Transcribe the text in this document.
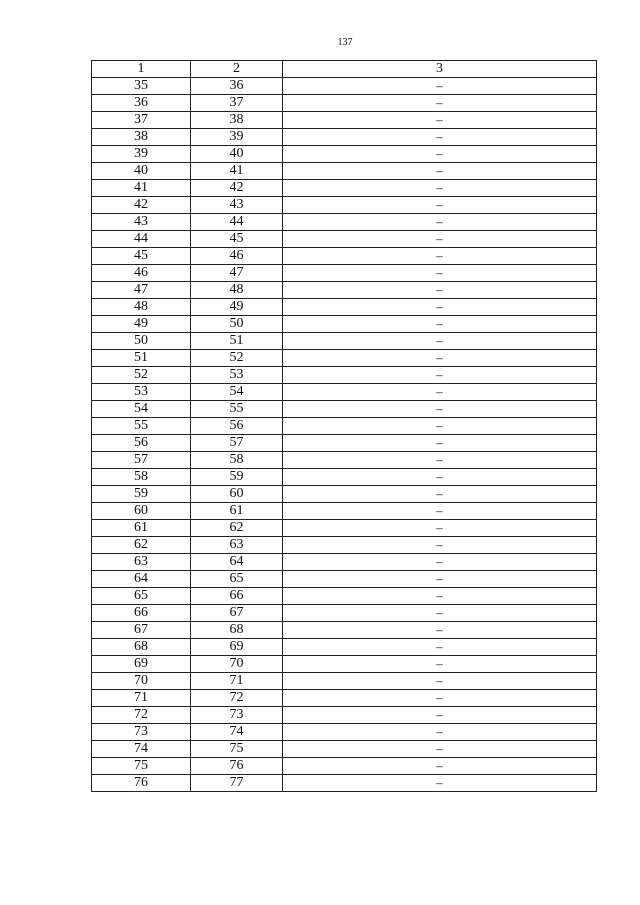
137
1	2	3
35	36	–
36	37	–
37	38	–
38	39	–
39	40	–
40	41	–
41	42	–
42	43	–
43	44	–
44	45	–
45	46	–
46	47	–
47	48	–
48	49	–
49	50	–
50	51	–
51	52	–
52	53	–
53	54	–
54	55	–
55	56	–
56	57	–
57	58	–
58	59	–
59	60	–
60	61	–
61	62	–
62	63	–
63	64	–
64	65	–
65	66	–
66	67	–
67	68	–
68	69	–
69	70	–
70	71	–
71	72	–
72	73	–
73	74	–
74	75	–
75	76	–
76	77	–
